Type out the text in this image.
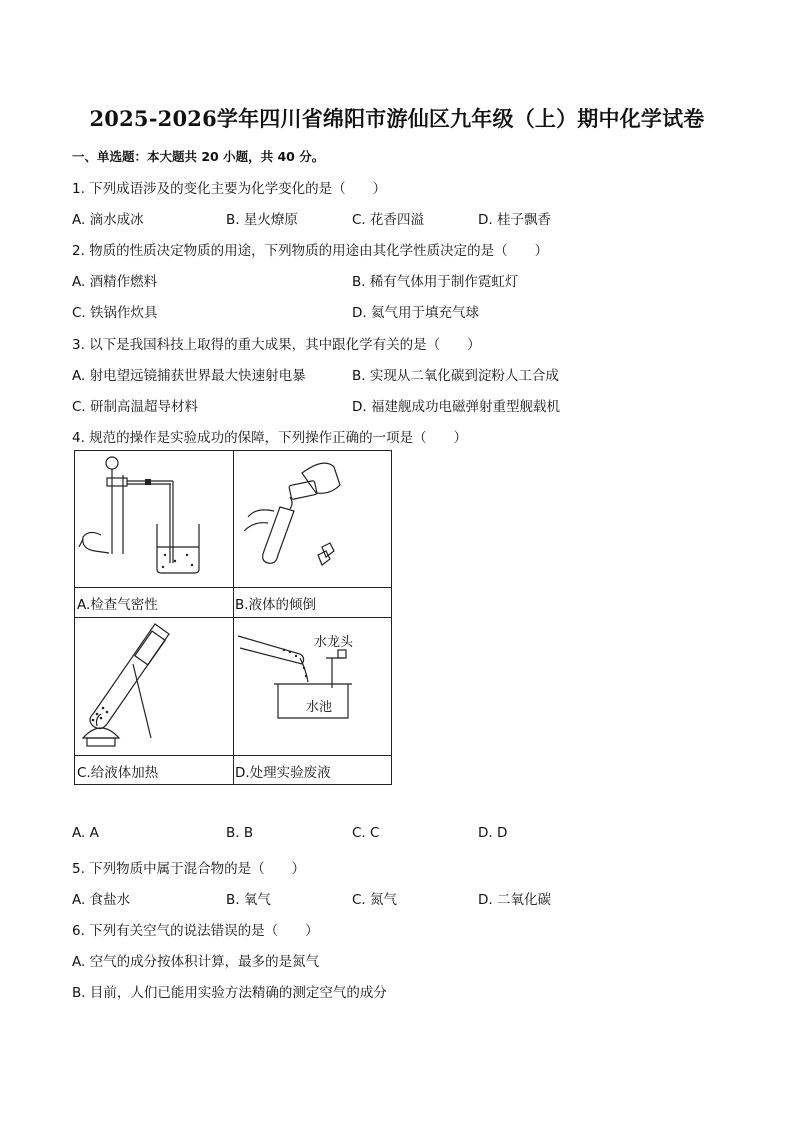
2025-2026学年四川省绵阳市游仙区九年级（上）期中化学试卷
一、单选题：本大题共 20 小题，共 40 分。
1. 下列成语涉及的变化主要为化学变化的是（　　）
A. 滴水成冰	B. 星火燎原	C. 花香四溢	D. 桂子飘香
2. 物质的性质决定物质的用途，下列物质的用途由其化学性质决定的是（　　）
A. 酒精作燃料	B. 稀有气体用于制作霓虹灯
C. 铁锅作炊具	D. 氦气用于填充气球
3. 以下是我国科技上取得的重大成果，其中跟化学有关的是（　　）
A. 射电望远镜捕获世界最大快速射电暴	B. 实现从二氧化碳到淀粉人工合成
C. 研制高温超导材料	D. 福建舰成功电磁弹射重型舰载机
4. 规范的操作是实验成功的保障，下列操作正确的一项是（　　）
水龙头
水池
A.检查气密性	B.液体的倾倒
C.给液体加热	D.处理实验废液
A. A	B. B	C. C	D. D
5. 下列物质中属于混合物的是（　　）
A. 食盐水	B. 氧气	C. 氮气	D. 二氧化碳
6. 下列有关空气的说法错误的是（　　）
A. 空气的成分按体积计算，最多的是氮气
B. 目前，人们已能用实验方法精确的测定空气的成分
